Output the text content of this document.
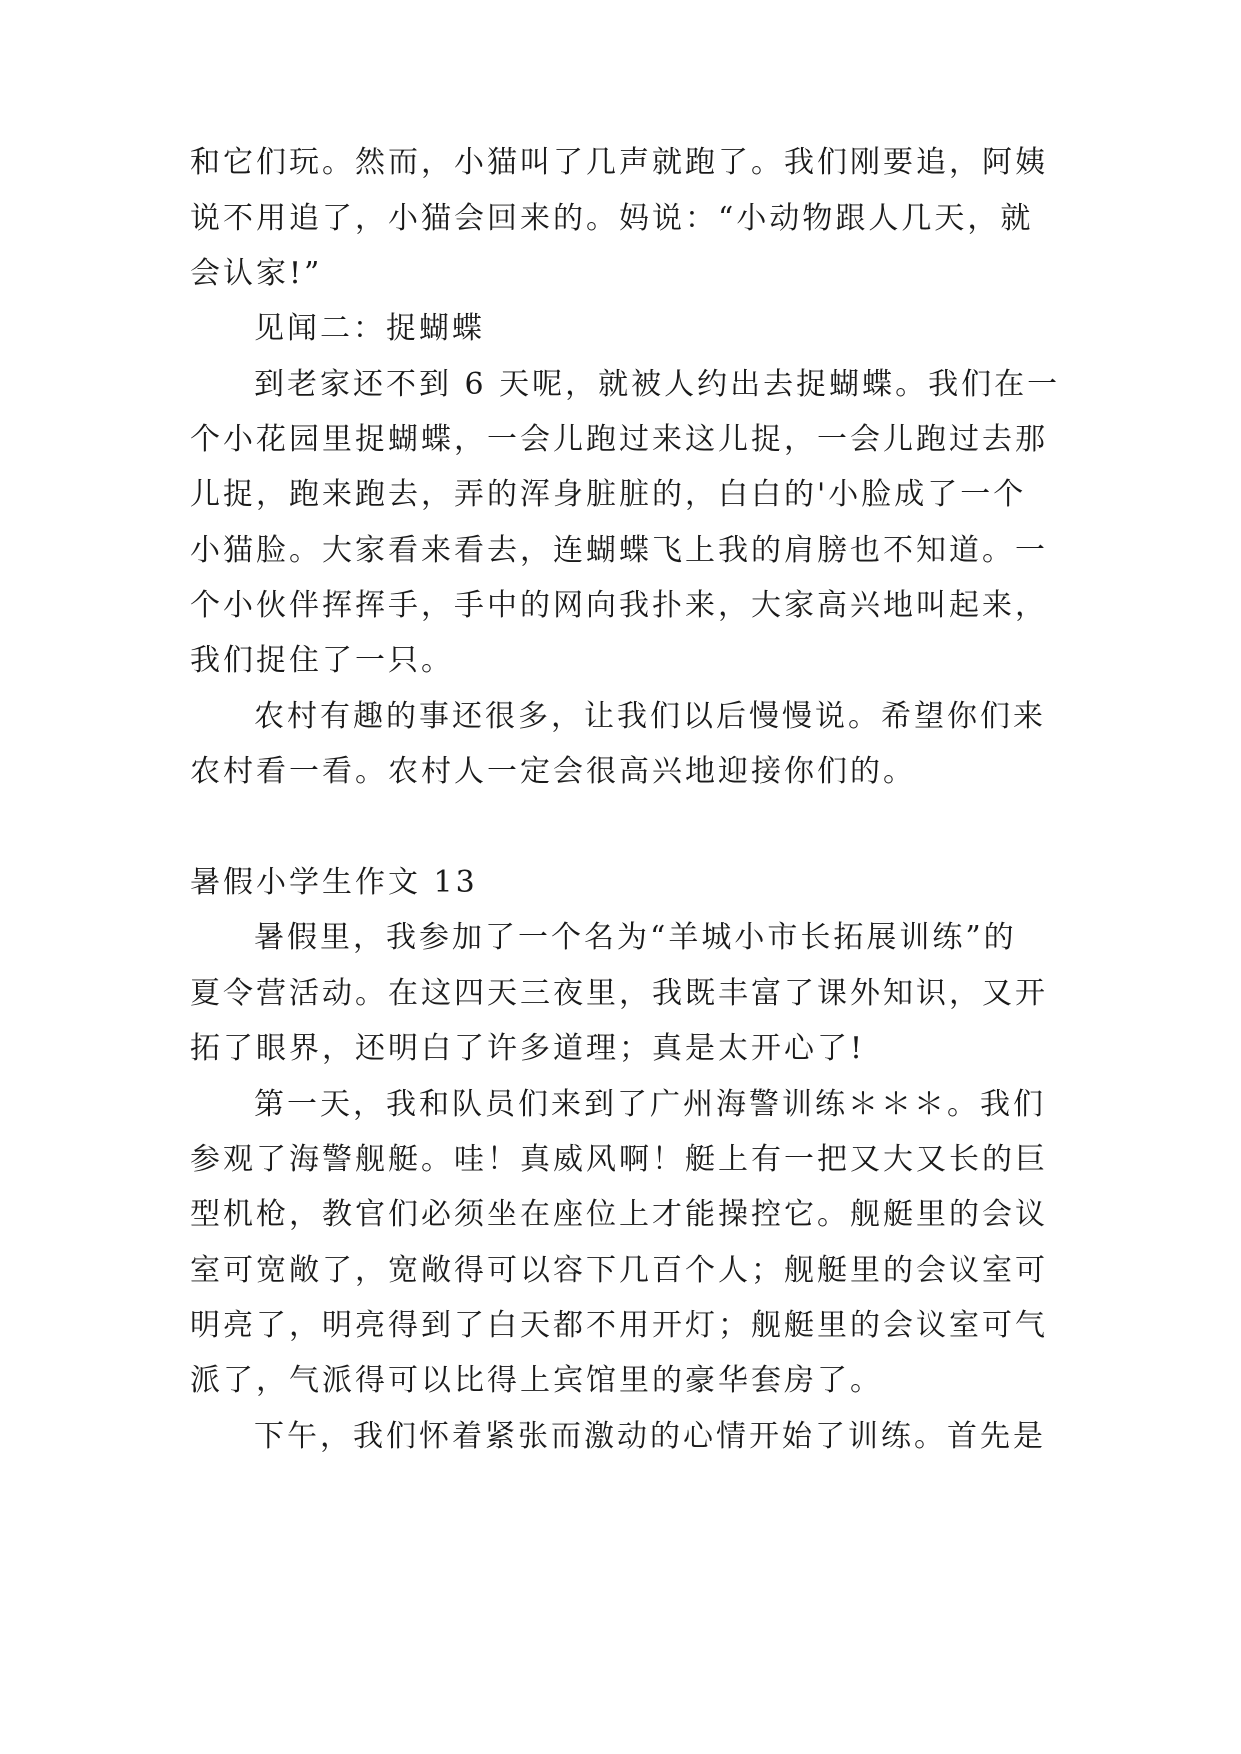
和它们玩。然而，小猫叫了几声就跑了。我们刚要追，阿姨
说不用追了，小猫会回来的。妈说：“小动物跟人几天，就
会认家!”
见闻二：捉蝴蝶
到老家还不到 6 天呢，就被人约出去捉蝴蝶。我们在一
个小花园里捉蝴蝶，一会儿跑过来这儿捉，一会儿跑过去那
儿捉，跑来跑去，弄的浑身脏脏的，白白的'小脸成了一个
小猫脸。大家看来看去，连蝴蝶飞上我的肩膀也不知道。一
个小伙伴挥挥手，手中的网向我扑来，大家高兴地叫起来，
我们捉住了一只。
农村有趣的事还很多，让我们以后慢慢说。希望你们来
农村看一看。农村人一定会很高兴地迎接你们的。
暑假小学生作文 13
暑假里，我参加了一个名为“羊城小市长拓展训练”的
夏令营活动。在这四天三夜里，我既丰富了课外知识，又开
拓了眼界，还明白了许多道理；真是太开心了!
第一天，我和队员们来到了广州海警训练＊＊＊。我们
参观了海警舰艇。哇！真威风啊！艇上有一把又大又长的巨
型机枪，教官们必须坐在座位上才能操控它。舰艇里的会议
室可宽敞了，宽敞得可以容下几百个人；舰艇里的会议室可
明亮了，明亮得到了白天都不用开灯；舰艇里的会议室可气
派了，气派得可以比得上宾馆里的豪华套房了。
下午，我们怀着紧张而激动的心情开始了训练。首先是
